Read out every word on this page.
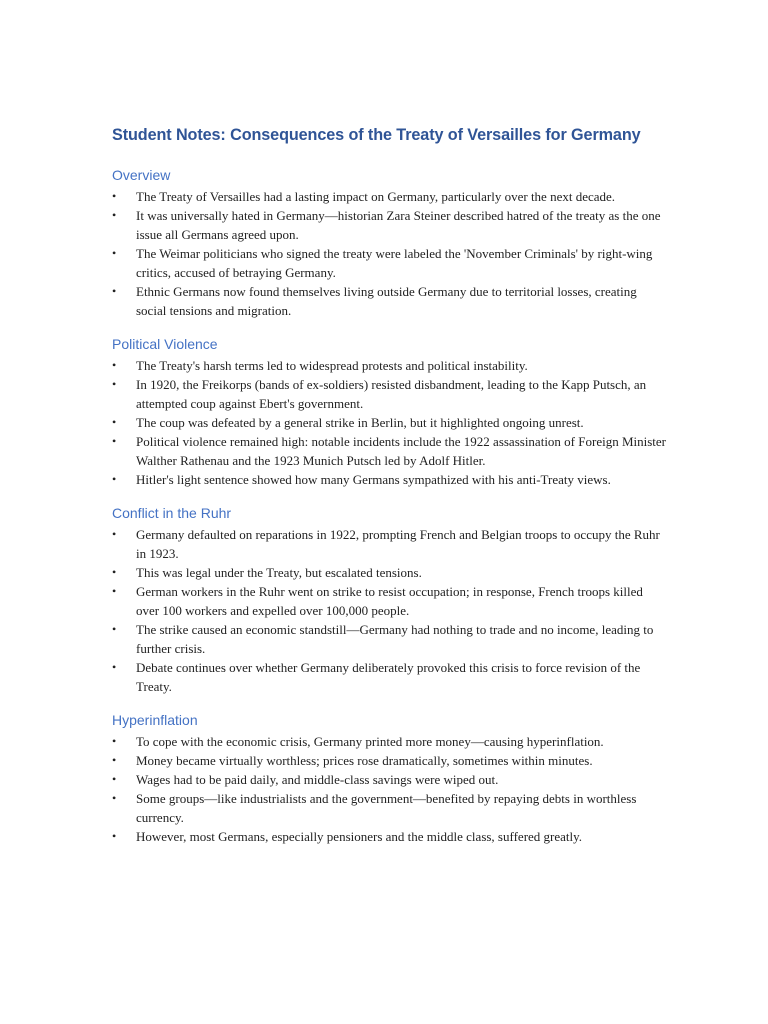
Student Notes: Consequences of the Treaty of Versailles for Germany
Overview
•	The Treaty of Versailles had a lasting impact on Germany, particularly over the next decade.
•	It was universally hated in Germany—historian Zara Steiner described hatred of the treaty as the one issue all Germans agreed upon.
•	The Weimar politicians who signed the treaty were labeled the 'November Criminals' by right-wing critics, accused of betraying Germany.
•	Ethnic Germans now found themselves living outside Germany due to territorial losses, creating social tensions and migration.
Political Violence
•	The Treaty's harsh terms led to widespread protests and political instability.
•	In 1920, the Freikorps (bands of ex-soldiers) resisted disbandment, leading to the Kapp Putsch, an attempted coup against Ebert's government.
•	The coup was defeated by a general strike in Berlin, but it highlighted ongoing unrest.
•	Political violence remained high: notable incidents include the 1922 assassination of Foreign Minister Walther Rathenau and the 1923 Munich Putsch led by Adolf Hitler.
•	Hitler's light sentence showed how many Germans sympathized with his anti-Treaty views.
Conflict in the Ruhr
•	Germany defaulted on reparations in 1922, prompting French and Belgian troops to occupy the Ruhr in 1923.
•	This was legal under the Treaty, but escalated tensions.
•	German workers in the Ruhr went on strike to resist occupation; in response, French troops killed over 100 workers and expelled over 100,000 people.
•	The strike caused an economic standstill—Germany had nothing to trade and no income, leading to further crisis.
•	Debate continues over whether Germany deliberately provoked this crisis to force revision of the Treaty.
Hyperinflation
•	To cope with the economic crisis, Germany printed more money—causing hyperinflation.
•	Money became virtually worthless; prices rose dramatically, sometimes within minutes.
•	Wages had to be paid daily, and middle-class savings were wiped out.
•	Some groups—like industrialists and the government—benefited by repaying debts in worthless currency.
•	However, most Germans, especially pensioners and the middle class, suffered greatly.
